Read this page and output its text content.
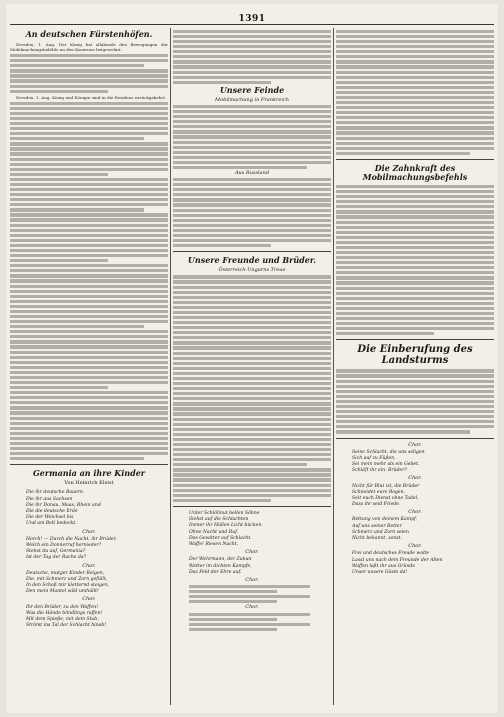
1391
An deutschen Fürstenhöfen.

Dresden, 1. Aug. Der König hat allabends den Bewegungen der Mobilmachungsbefehle an den Kasernen beigewohnt.

Dresden, 1. Aug. König und Königin sind in die Residenz zurückgekehrt.

Germania an ihre Kinder
Von Heinrich Kleist
Die ihr deutsche Bauern.
Die ihr aus Sachsen
Die ihr Donau, Maas, Rhein und
Die die deutsche Erde
Die der Weichsel bis
Und am Belt bedeckt.
Chor.
Horch! — Durch die Nacht, ihr Brüder,
Welch ein Donnerruf hernieder?
Stehst du auf, Germania?
Ist der Tag der Rache da?
Chor.
Deutsche, mutger Kinder Reigen,
Die, mit Schmerz und Zorn gefüllt,
In den Schoß mir kletternd steigen,
Den mein Mantel wild umhüllt!
Chor.
Ihr den Brüder, zu den Waffen!
Was die Hände blindlings raffen!
Mit dem Spieße, mit dem Stab,
Strömt ins Tal der Schlacht hinab!
Unsere Feinde
Mobilmachung in Frankreich
Aus Russland
Unsere Freunde und Brüder.
Österreich-Ungarns Treue
Unter Schlöhnut bellen Söhne
Siehst auf die Schlachten
Immer ihr Hüllen Licht bücken.
Ohne Nacht und Ruf.
Das Gewitter auf Schlacht.
Waffe! Riesen Nacht.
Chor.
Der Wehrmann, der Zukun
Wetter im dichten Kampfe,
Das Feld der Ehre auf.
Chor.
Chor.
Die Zahnkraft des Mobilmachungsbefehls
Die Einberufung des Landsturms
Chor.
Seine Schlacht, die uns seligen
Sich auf zu Füßen,
Sei mein mehr als ein Gebet.
Schläft ihr ein, Brüder?
Chor.
Nicht für Blut ist, die Brüder
Schneidet eure Bogen,
Seit euch Dienst ohne Tadel,
Dass ihr seid Friede.
Chor.
Rettung von deinem Kampf,
Auf uns seiner Retter
Schmerz und Zorn seien
Nicht bekannt, sonst.
Chor.
Frei und deutsches Freude walte
Lasst uns nach dem Freunde der Alten
Waffen laßt ihr aus Gründe
Unser unsere Gäste da!
